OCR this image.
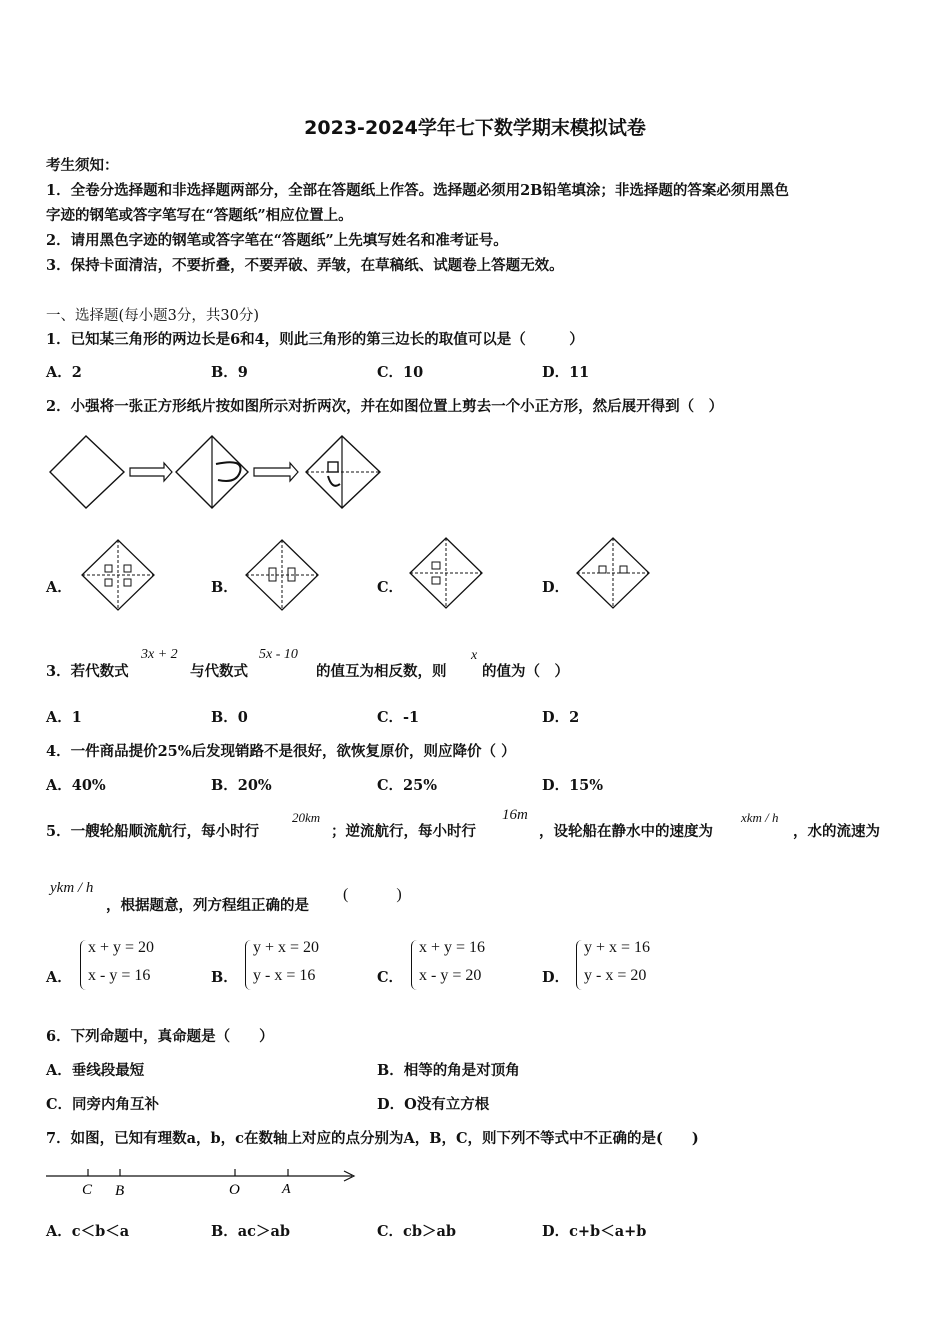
2023-2024学年七下数学期末模拟试卷
考生须知：
1．全卷分选择题和非选择题两部分，全部在答题纸上作答。选择题必须用2B铅笔填涂；非选择题的答案必须用黑色
字迹的钢笔或答字笔写在“答题纸”相应位置上。
2．请用黑色字迹的钢笔或答字笔在“答题纸”上先填写姓名和准考证号。
3．保持卡面清洁，不要折叠，不要弄破、弄皱，在草稿纸、试题卷上答题无效。
一、选择题(每小题3分，共30分)
1．已知某三角形的两边长是6和4，则此三角形的第三边长的取值可以是（　　　）
A．2	B．9	C．10	D．11
2．小强将一张正方形纸片按如图所示对折两次，并在如图位置上剪去一个小正方形，然后展开得到（　）
A．	B．	C．	D．
3．若代数式
3x + 2
与代数式
5x - 10
的值互为相反数，则
x
的值为（　）
A．1	B．0	C．-1	D．2
4．一件商品提价25%后发现销路不是很好，欲恢复原价，则应降价（ ）
A．40%	B．20%	C．25%	D．15%
5．一艘轮船顺流航行，每小时行
20km
；逆流航行，每小时行
16m
，设轮船在静水中的速度为
xkm / h
，水的流速为
ykm / h
，根据题意，列方程组正确的是
(　　　)
A．
x + y = 20
x - y = 16	B．
y + x = 20
y - x = 16	C．
x + y = 16
x - y = 20	D．
y + x = 16
y - x = 20
6．下列命题中，真命题是（　　）
A．垂线段最短	B．相等的角是对顶角
C．同旁内角互补	D．O没有立方根
7．如图，已知有理数a，b，c在数轴上对应的点分别为A，B，C，则下列不等式中不正确的是(　　)
C B	O	A
A．c＜b＜a	B．ac＞ab	C．cb＞ab	D．c+b＜a+b
